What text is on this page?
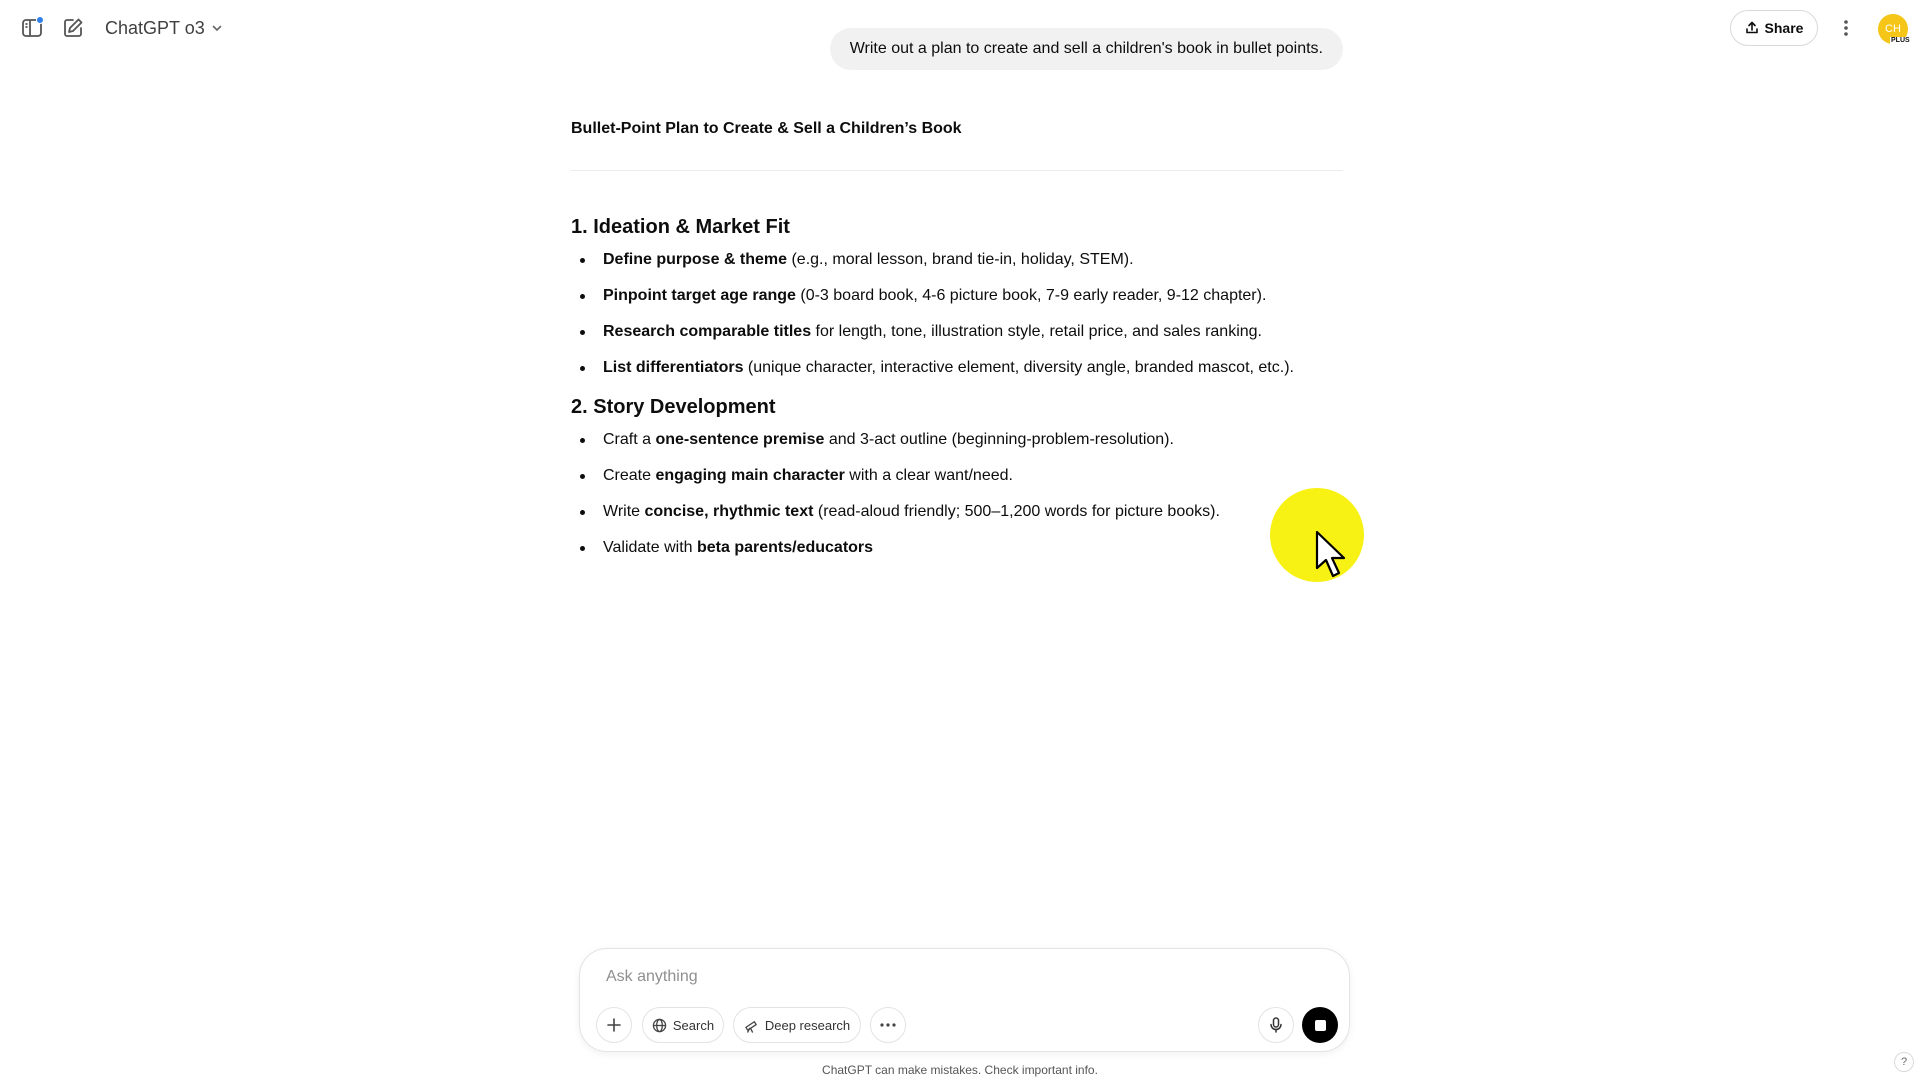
ChatGPT o3	Share	CH
PLUS
Write out a plan to create and sell a children's book in bullet points.
Bullet-Point Plan to Create & Sell a Children’s Book
1. Ideation & Market Fit
Define purpose & theme (e.g., moral lesson, brand tie-in, holiday, STEM).
Pinpoint target age range (0-3 board book, 4-6 picture book, 7-9 early reader, 9-12 chapter).
Research comparable titles for length, tone, illustration style, retail price, and sales ranking.
List differentiators (unique character, interactive element, diversity angle, branded mascot, etc.).
2. Story Development
Craft a one-sentence premise and 3-act outline (beginning-problem-resolution).
Create engaging main character with a clear want/need.
Write concise, rhythmic text (read-aloud friendly; 500–1,200 words for picture books).
Validate with beta parents/educators
Ask anything
Search	Deep research
ChatGPT can make mistakes. Check important info.
?
